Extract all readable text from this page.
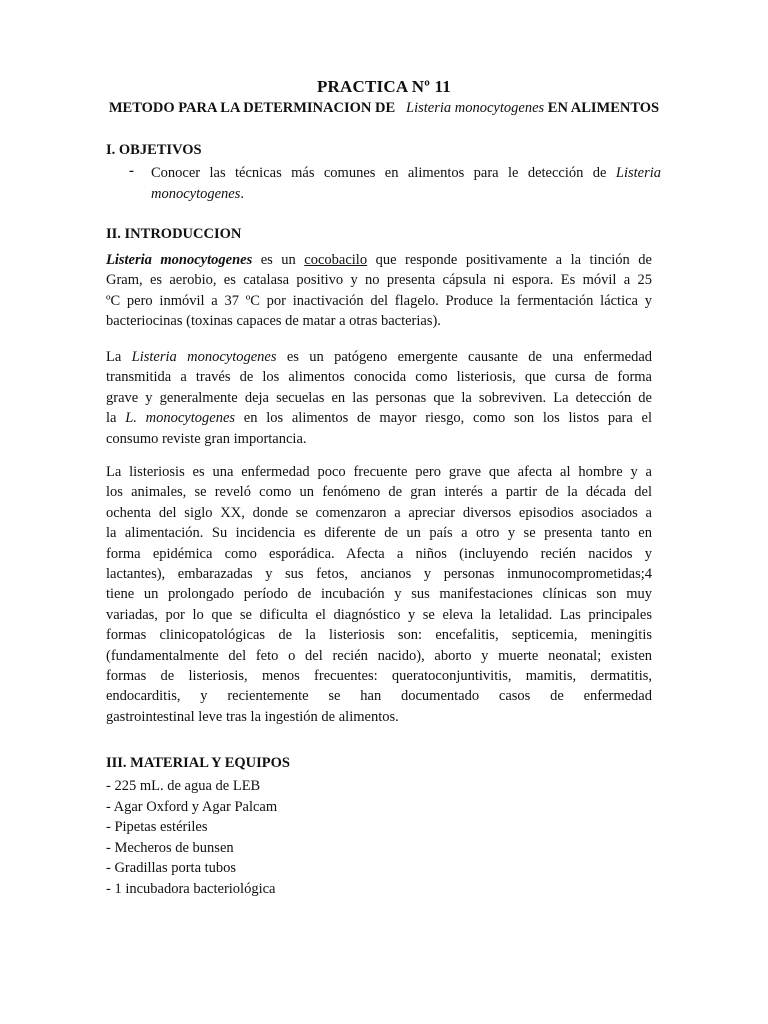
PRACTICA Nº 11
METODO PARA LA DETERMINACION DE Listeria monocytogenes EN ALIMENTOS
I. OBJETIVOS
- Conocer las técnicas más comunes en alimentos para le detección de Listeria monocytogenes.
II. INTRODUCCION
Listeria monocytogenes es un cocobacilo que responde positivamente a la tinción de
Gram, es aerobio, es catalasa positivo y no presenta cápsula ni espora. Es móvil a 25
ºC pero inmóvil a 37 ºC por inactivación del flagelo. Produce la fermentación láctica y
bacteriocinas (toxinas capaces de matar a otras bacterias).
La Listeria monocytogenes es un patógeno emergente causante de una enfermedad
transmitida a través de los alimentos conocida como listeriosis, que cursa de forma
grave y generalmente deja secuelas en las personas que la sobreviven. La detección de
la L. monocytogenes en los alimentos de mayor riesgo, como son los listos para el
consumo reviste gran importancia.
La listeriosis es una enfermedad poco frecuente pero grave que afecta al hombre y a
los animales, se reveló como un fenómeno de gran interés a partir de la década del
ochenta del siglo XX, donde se comenzaron a apreciar diversos episodios asociados a
la alimentación. Su incidencia es diferente de un país a otro y se presenta tanto en
forma epidémica como esporádica. Afecta a niños (incluyendo recién nacidos y
lactantes), embarazadas y sus fetos, ancianos y personas inmunocomprometidas;4
tiene un prolongado período de incubación y sus manifestaciones clínicas son muy
variadas, por lo que se dificulta el diagnóstico y se eleva la letalidad. Las principales
formas clinicopatológicas de la listeriosis son: encefalitis, septicemia, meningitis
(fundamentalmente del feto o del recién nacido), aborto y muerte neonatal; existen
formas de listeriosis, menos frecuentes: queratoconjuntivitis, mamitis, dermatitis,
endocarditis, y recientemente se han documentado casos de enfermedad
gastrointestinal leve tras la ingestión de alimentos.
III. MATERIAL Y EQUIPOS
- 225 mL. de agua de LEB
- Agar Oxford y Agar Palcam
- Pipetas estériles
- Mecheros de bunsen
- Gradillas porta tubos
- 1 incubadora bacteriológica
